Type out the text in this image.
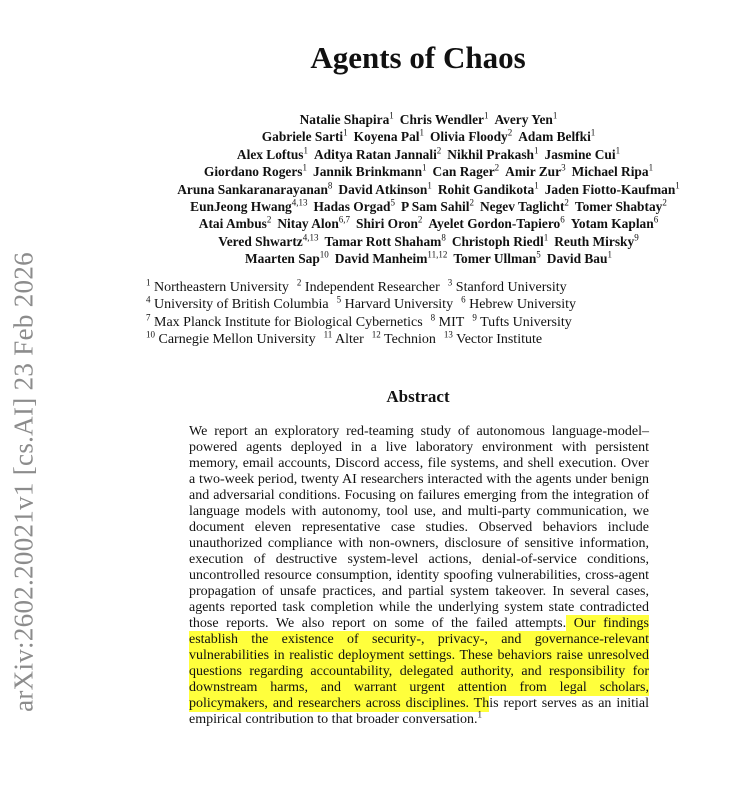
arXiv:2602.20021v1 [cs.AI] 23 Feb 2026
Agents of Chaos
Natalie Shapira$^1$ Chris Wendler$^1$ Avery Yen$^1$
Gabriele Sarti$^1$ Koyena Pal$^1$ Olivia Floody$^2$ Adam Belfki$^1$
Alex Loftus$^1$ Aditya Ratan Jannali$^2$ Nikhil Prakash$^1$ Jasmine Cui$^1$
Giordano Rogers$^1$ Jannik Brinkmann$^1$ Can Rager$^2$ Amir Zur$^3$ Michael Ripa$^1$
Aruna Sankaranarayanan$^8$ David Atkinson$^1$ Rohit Gandikota$^1$ Jaden Fiotto-Kaufman$^1$
EunJeong Hwang$^{4,13}$ Hadas Orgad$^5$ P Sam Sahil$^2$ Negev Taglicht$^2$ Tomer Shabtay$^2$
Atai Ambus$^2$ Nitay Alon$^{6,7}$ Shiri Oron$^2$ Ayelet Gordon-Tapiero$^6$ Yotam Kaplan$^6$
Vered Shwartz$^{4,13}$ Tamar Rott Shaham$^8$ Christoph Riedl$^1$ Reuth Mirsky$^9$
Maarten Sap$^{10}$ David Manheim$^{11,12}$ Tomer Ullman$^5$ David Bau$^1$
$^1$ Northeastern University $^2$ Independent Researcher $^3$ Stanford University
$^4$ University of British Columbia $^5$ Harvard University $^6$ Hebrew University
$^7$ Max Planck Institute for Biological Cybernetics $^8$ MIT $^9$ Tufts University
$^{10}$ Carnegie Mellon University $^{11}$ Alter $^{12}$ Technion $^{13}$ Vector Institute
Abstract
We report an exploratory red-teaming study of autonomous language-model–powered agents deployed in a live laboratory environment with persistent memory, email accounts, Discord access, file systems, and shell execution. Over a two-week period, twenty AI researchers interacted with the agents under benign and adversarial conditions. Focusing on failures emerging from the integration of language models with autonomy, tool use, and multi-party communication, we document eleven representative case studies. Observed behaviors include unauthorized compliance with non-owners, disclosure of sensitive information, execution of destructive system-level actions, denial-of-service conditions, uncontrolled resource consumption, identity spoofing vulnerabilities, cross-agent propagation of unsafe practices, and partial system takeover. In several cases, agents reported task completion while the underlying system state contradicted those reports. We also report on some of the failed attempts. Our findings establish the existence of security-, privacy-, and governance-relevant vulnerabilities in realistic deployment settings. These behaviors raise unresolved questions regarding accountability, delegated authority, and responsibility for downstream harms, and warrant urgent attention from legal scholars, policymakers, and researchers across disciplines. This report serves as an initial empirical contribution to that broader conversation.$^1$
